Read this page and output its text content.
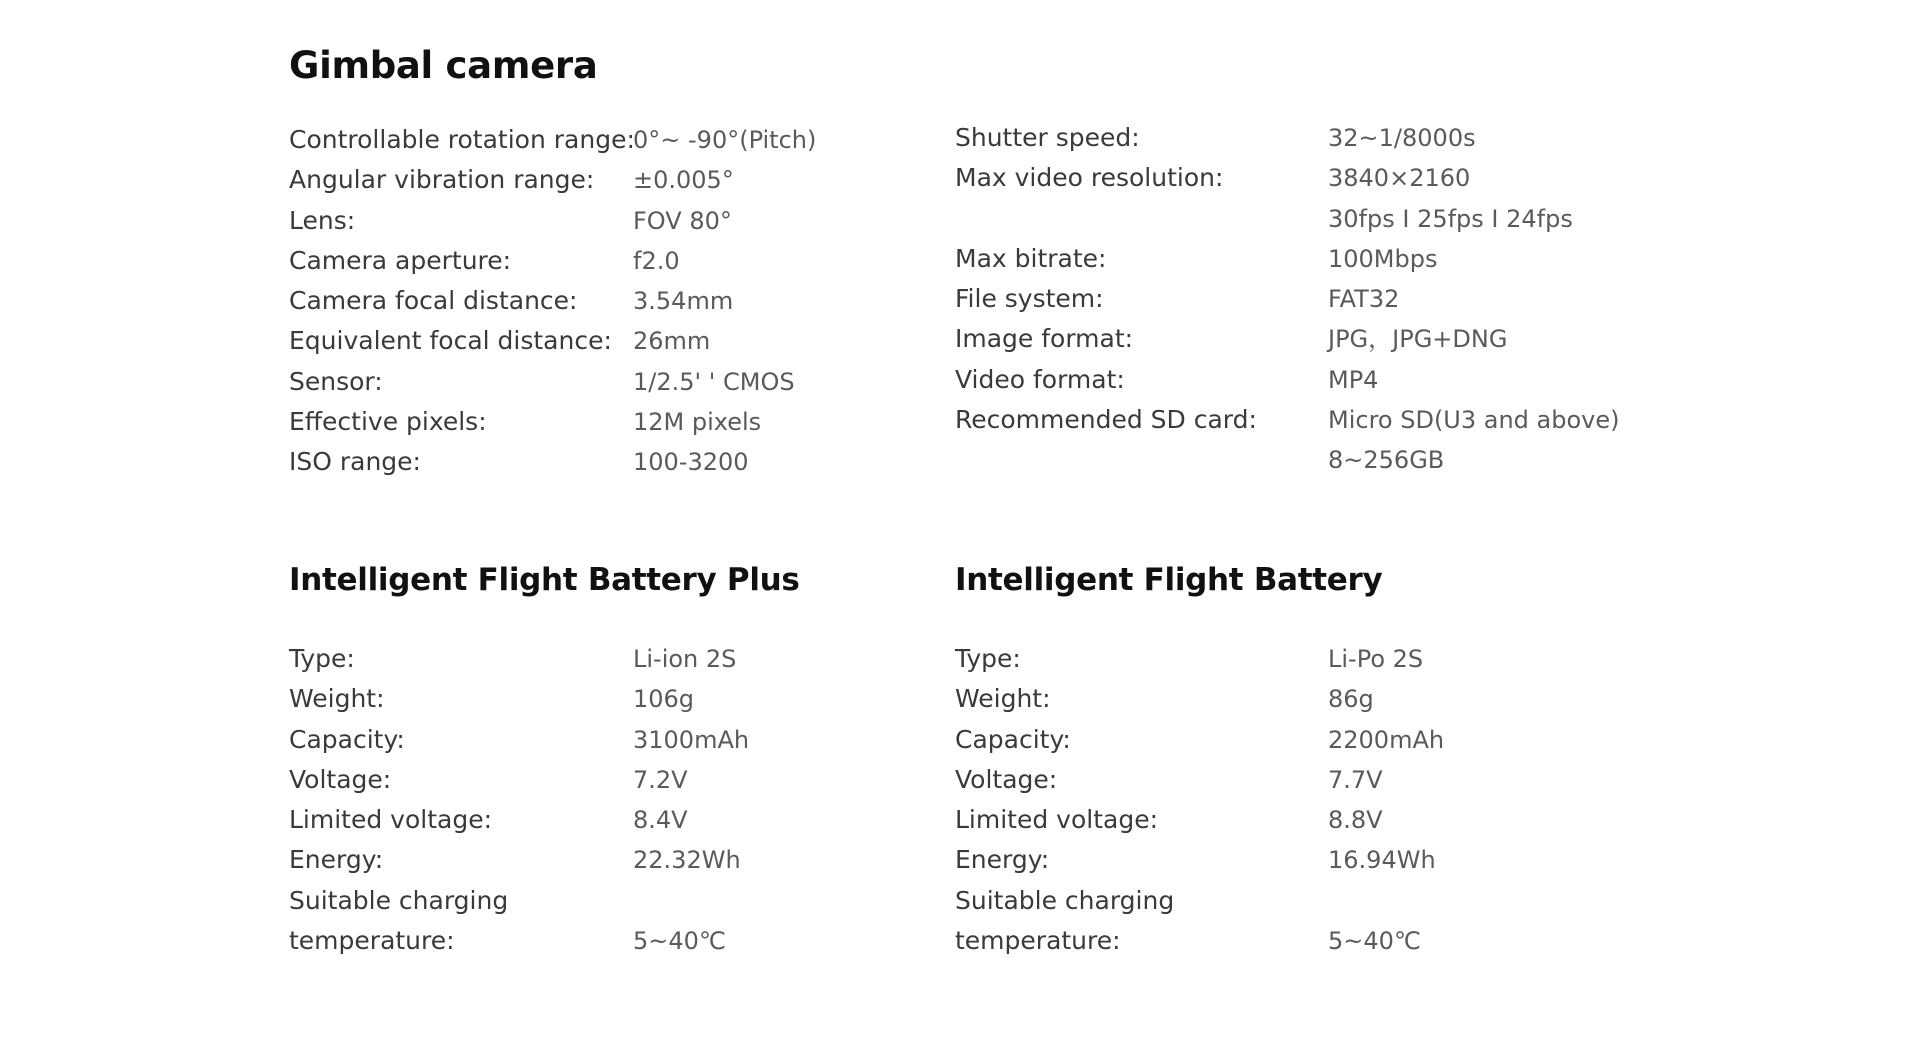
Gimbal camera
Controllable rotation range:
0°~ -90°(Pitch)
Angular vibration range: ±0.005°
Lens:	FOV 80°
Camera aperture:	f2.0
Camera focal distance: 3.54mm
Equivalent focal distance: 26mm
Sensor:	1/2.5' ' CMOS
Effective pixels:	12M pixels
ISO range:	100-3200
Shutter speed:	32~1/8000s
Max video resolution:	3840×2160
30fps I 25fps I 24fps
Max bitrate:	100Mbps
File system:	FAT32
Image format:	JPG，JPG+DNG
Video format:	MP4
Recommended SD card:	Micro SD(U3 and above)
8~256GB
Intelligent Flight Battery Plus
Type:	Li-ion 2S
Weight:	106g
Capacity:	3100mAh
Voltage:	7.2V
Limited voltage:	8.4V
Energy:	22.32Wh
Suitable charging
temperature:	5~40℃
Intelligent Flight Battery
Type:	Li-Po 2S
Weight:	86g
Capacity:	2200mAh
Voltage:	7.7V
Limited voltage:	8.8V
Energy:	16.94Wh
Suitable charging
temperature:	5~40℃
